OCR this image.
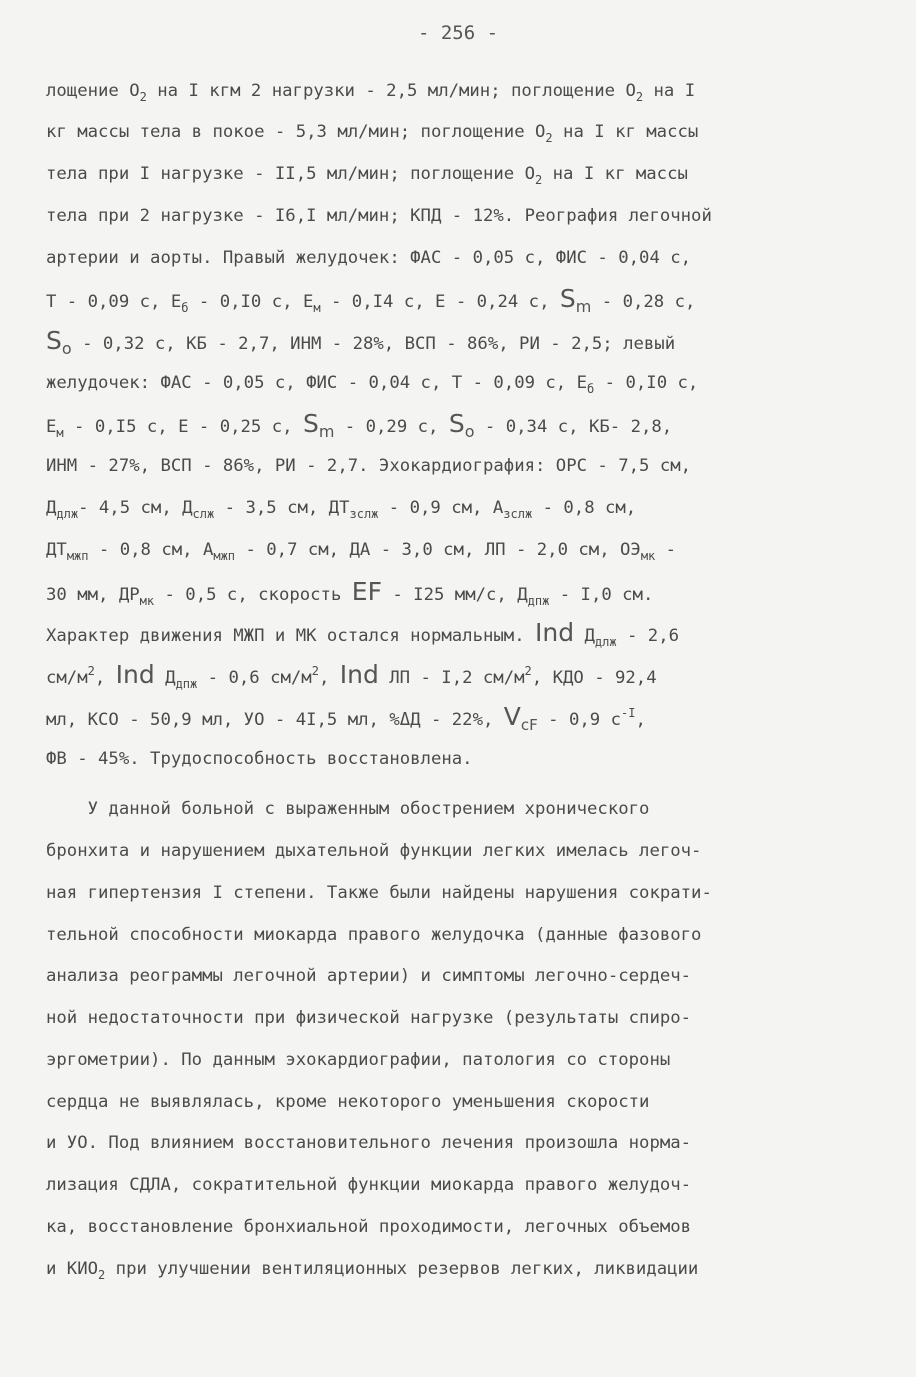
- 256 -
лощение $O_2$ на I кгм 2 нагрузки - 2,5 мл/мин; поглощение $O_2$ на I
кг массы тела в покое - 5,3 мл/мин; поглощение $O_2$ на I кг массы
тела при I нагрузке - II,5 мл/мин; поглощение $O_2$ на I кг массы
тела при 2 нагрузке - I6,I мл/мин; КПД - 12%. Реография легочной
артерии и аорты. Правый желудочек: ФАС - 0,05 с, ФИС - 0,04 с,
T - 0,09 с, $E_б - 0,I0$ с, $E_м - 0,I4$ с, E - 0,24 с, $S_m - 0,28$ с,
$S_o - 0,32$ с, КБ - 2,7, ИНМ - 28%, ВСП - 86%, РИ - 2,5; левый
желудочек: ФАС - 0,05 с, ФИС - 0,04 с, T - 0,09 с, $E_б - 0,I0$ с,
$E_м - 0,I5$ с, E - 0,25 с, $S_m - 0,29$ с, $S_o - 0,34$ с, КБ- 2,8,
ИНМ - 27%, ВСП - 86%, РИ - 2,7. Эхокардиография: ОРС - 7,5 см,
$Д_{длж}-$ 4,5 см, $Д_{слж} - 3,5$ см, $ДТ_{зслж} - 0,9$ см, $A_{зслж} - 0,8$ см,
$ДТ_{мжп} - 0,8$ см, $A_{мжп} - 0,7$ см, ДА - 3,0 см, ЛП - 2,0 см, $ОЭ_{мк}$ -
30 мм, $ДР_{мк} - 0,5$ с, скорость EF - I25 мм/с, $Д_{дпж} - I,0$ см.
Характер движения МЖП и МК остался нормальным. Ind $Д_{длж} - 2,6$
$см/м^2$, Ind $Д_{дпж} - 0,6$ $см/м^2$, Ind ЛП - I,2 $см/м^2$, КДО - 92,4
мл, КСО - 50,9 мл, УО - 4I,5 мл, %ΔД - 22%, $V_{cF} - 0,9$ $с^{-I}$,
ФВ - 45%. Трудоспособность восстановлена.
У данной больной с выраженным обострением хронического
бронхита и нарушением дыхательной функции легких имелась легоч-
ная гипертензия I степени. Также были найдены нарушения сократи-
тельной способности миокарда правого желудочка (данные фазового
анализа реограммы легочной артерии) и симптомы легочно-сердеч-
ной недостаточности при физической нагрузке (результаты спиро-
эргометрии). По данным эхокардиографии, патология со стороны
сердца не выявлялась, кроме некоторого уменьшения скорости
и УО. Под влиянием восстановительного лечения произошла норма-
лизация СДЛА, сократительной функции миокарда правого желудоч-
ка, восстановление бронхиальной проходимости, легочных объемов
и $КИО_2$ при улучшении вентиляционных резервов легких, ликвидации
